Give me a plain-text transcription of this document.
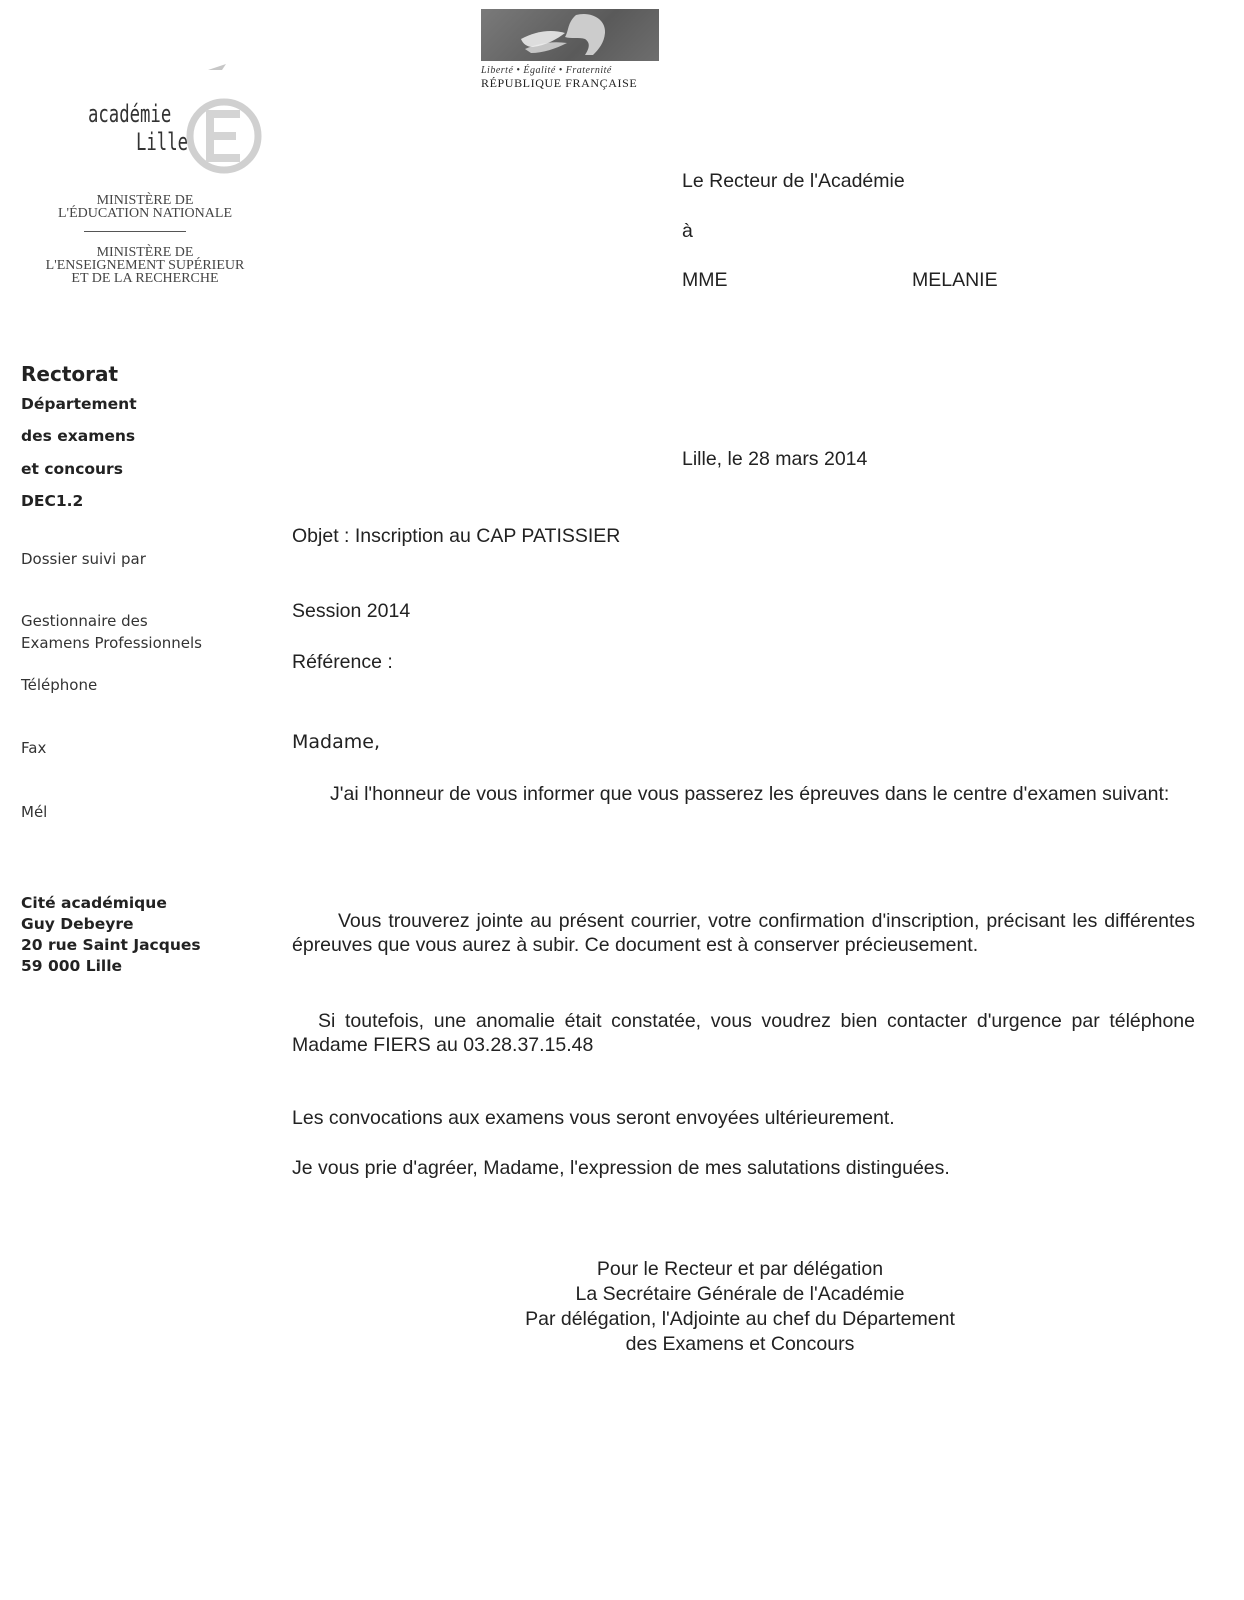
Liberté • Égalité • Fraternité
RÉPUBLIQUE FRANÇAISE
académie
Lille
MINISTÈRE DE
L'ÉDUCATION NATIONALE
MINISTÈRE DE
L'ENSEIGNEMENT SUPÉRIEUR
ET DE LA RECHERCHE
Le Recteur de l'Académie
à
MME	MELANIE
Rectorat
Département
des examens
et concours
DEC1.2
Dossier suivi par
Gestionnaire des
Examens Professionnels
Téléphone
Fax
Mél
Cité académique
Guy Debeyre
20 rue Saint Jacques
59 000 Lille
Lille, le 28 mars 2014
Objet : Inscription au CAP PATISSIER
Session 2014
Référence :
Madame,
J'ai l'honneur de vous informer que vous passerez les épreuves dans le centre d'examen suivant:
Vous trouverez jointe au présent courrier, votre confirmation d'inscription, précisant les différentes épreuves que vous aurez à subir. Ce document est à conserver précieusement.
Si toutefois, une anomalie était constatée, vous voudrez bien contacter d'urgence par téléphone Madame FIERS au 03.28.37.15.48
Les convocations aux examens vous seront envoyées ultérieurement.
Je vous prie d'agréer, Madame, l'expression de mes salutations distinguées.
Pour le Recteur et par délégation
La Secrétaire Générale de l'Académie
Par délégation, l'Adjointe au chef du Département
des Examens et Concours
